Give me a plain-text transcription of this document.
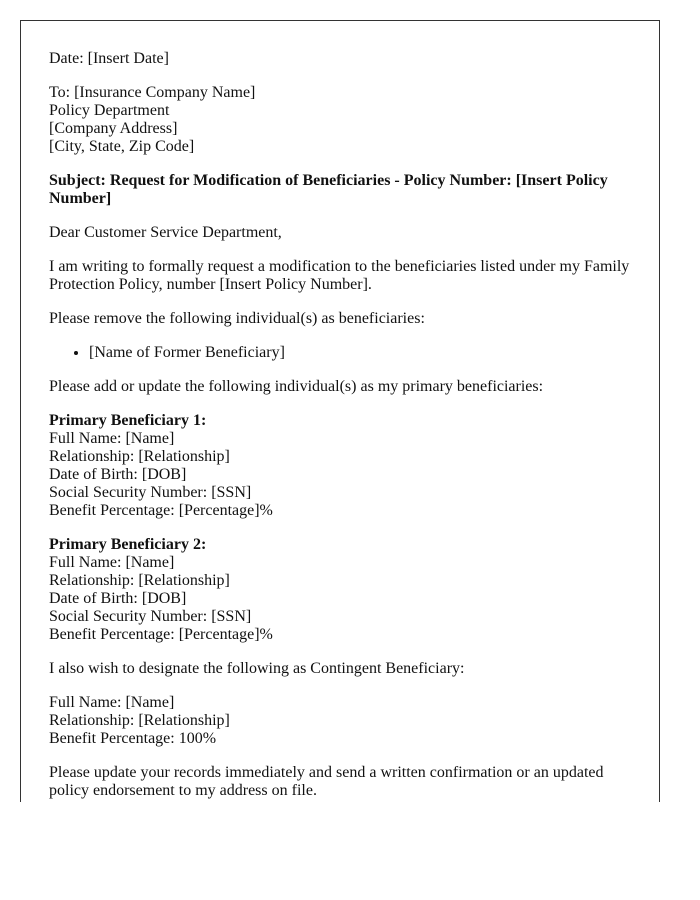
Date: [Insert Date]

To: [Insurance Company Name]
Policy Department
[Company Address]
[City, State, Zip Code]

Subject: Request for Modification of Beneficiaries - Policy Number: [Insert Policy Number]

Dear Customer Service Department,

I am writing to formally request a modification to the beneficiaries listed under my Family Protection Policy, number [Insert Policy Number].

Please remove the following individual(s) as beneficiaries:

• [Name of Former Beneficiary]

Please add or update the following individual(s) as my primary beneficiaries:

Primary Beneficiary 1:
Full Name: [Name]
Relationship: [Relationship]
Date of Birth: [DOB]
Social Security Number: [SSN]
Benefit Percentage: [Percentage]%
Primary Beneficiary 2:
Full Name: [Name]
Relationship: [Relationship]
Date of Birth: [DOB]
Social Security Number: [SSN]
Benefit Percentage: [Percentage]%

I also wish to designate the following as Contingent Beneficiary:

Full Name: [Name]
Relationship: [Relationship]
Benefit Percentage: 100%

Please update your records immediately and send a written confirmation or an updated policy endorsement to my address on file.
